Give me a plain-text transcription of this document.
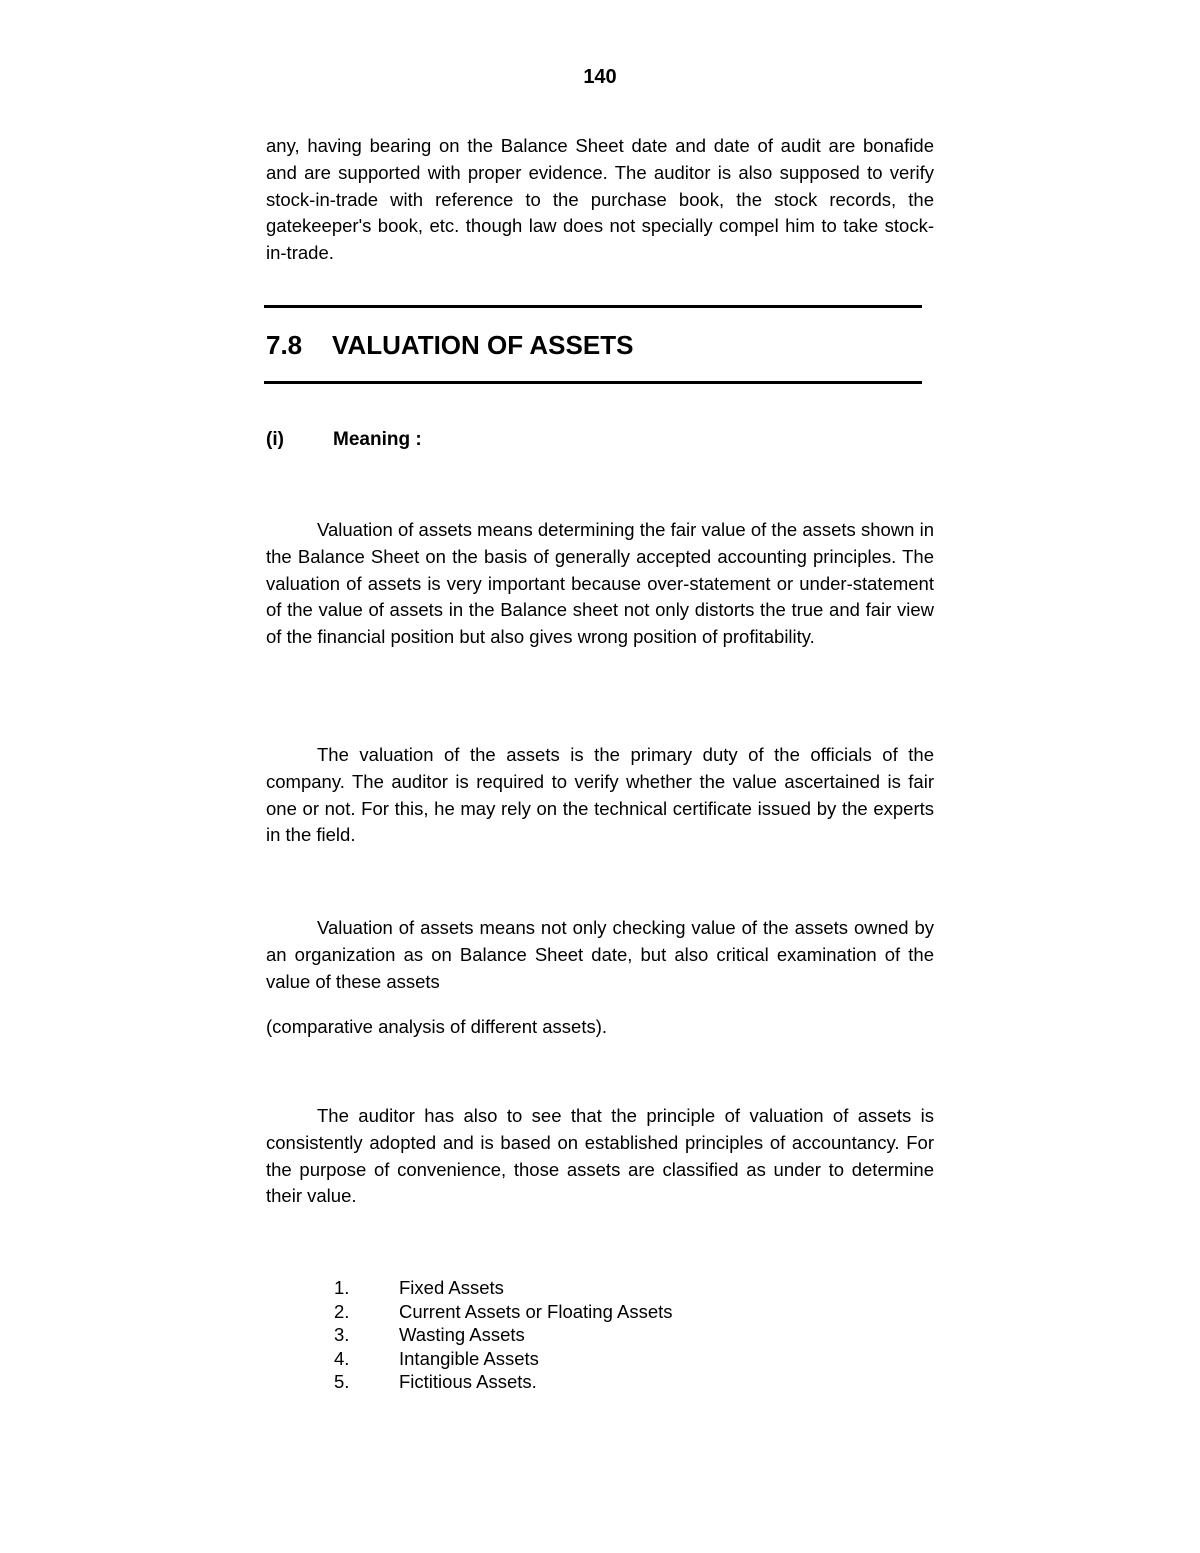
140

any, having bearing on the Balance Sheet date and date of audit are bonafide and are supported with proper evidence. The auditor is also supposed to verify stock-in-trade with reference to the purchase book, the stock records, the gatekeeper's book, etc. though law does not specially compel him to take stock-in-trade.

7.8 VALUATION OF ASSETS
(i)	Meaning :

Valuation of assets means determining the fair value of the assets shown in the Balance Sheet on the basis of generally accepted accounting principles. The valuation of assets is very important because over-statement or under-statement of the value of assets in the Balance sheet not only distorts the true and fair view of the financial position but also gives wrong position of profitability.

The valuation of the assets is the primary duty of the officials of the company. The auditor is required to verify whether the value ascertained is fair one or not. For this, he may rely on the technical certificate issued by the experts in the field.

Valuation of assets means not only checking value of the assets owned by an organization as on Balance Sheet date, but also critical examination of the value of these assets

(comparative analysis of different assets).

The auditor has also to see that the principle of valuation of assets is consistently adopted and is based on established principles of accountancy. For the purpose of convenience, those assets are classified as under to determine their value.

1.	Fixed Assets
2.	Current Assets or Floating Assets
3.	Wasting Assets
4.	Intangible Assets
5.	Fictitious Assets.
